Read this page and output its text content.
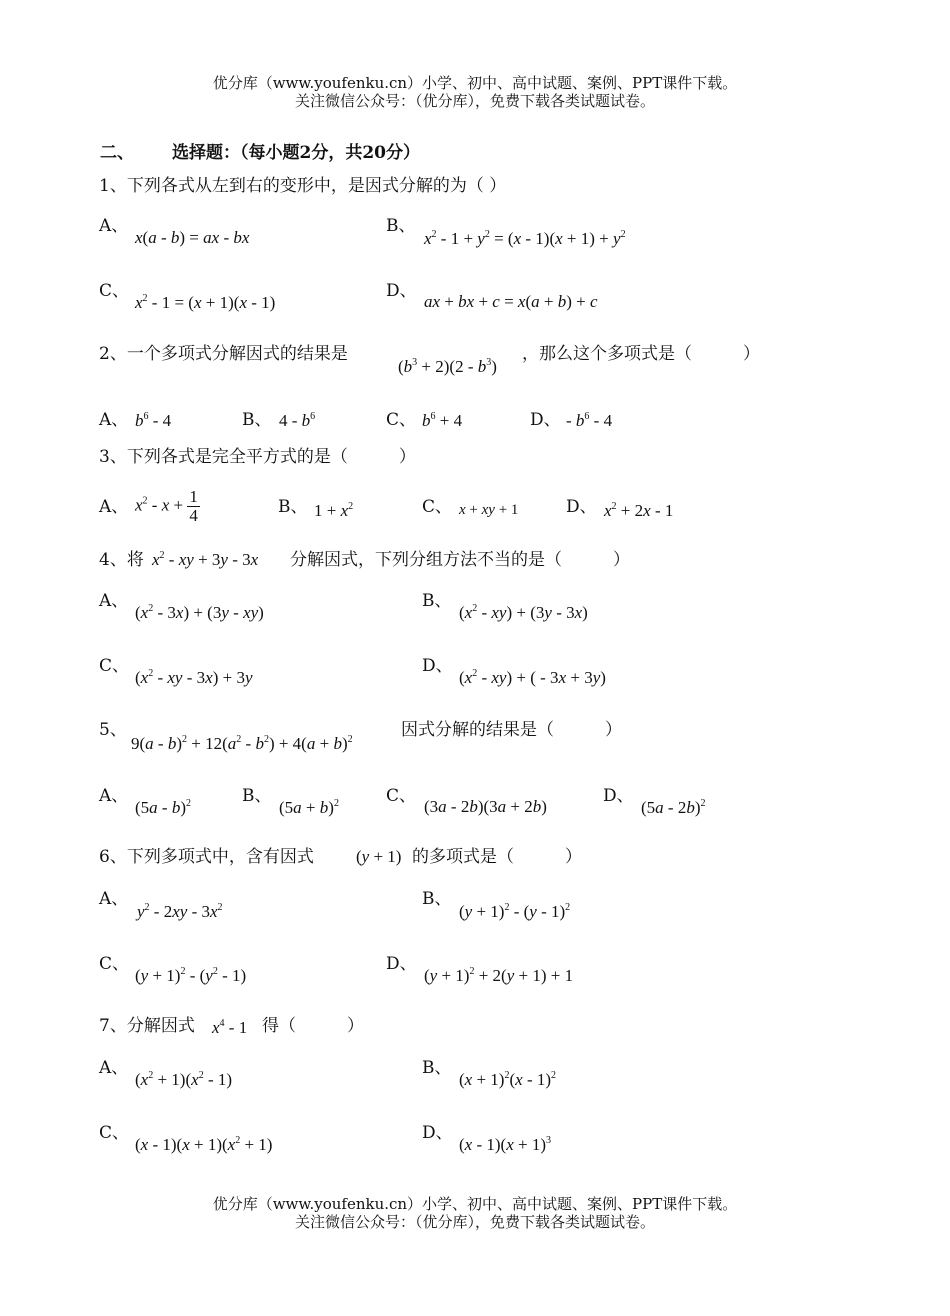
优分库（www.youfenku.cn）小学、初中、高中试题、案例、PPT课件下载。
关注微信公众号：（优分库），免费下载各类试题试卷。
二、 选择题：（每小题2分，共20分）
1、下列各式从左到右的变形中，是因式分解的为（ ）
A、
x(a - b) = ax - bx
B、
$x^2 - 1 + y^2 = (x - 1)(x + 1) + y^2$
C、
$x^2 - 1 = (x + 1)(x - 1)$
D、
ax + bx + c = x(a + b) + c
2、一个多项式分解因式的结果是
$(b^3 + 2)(2 - b^3)$
，那么这个多项式是（　　　）
A、 $b^6 - 4$	B、 $4 - b^6$	C、 $b^6 + 4$	D、 - $b^6 - 4$
3、下列各式是完全平方式的是（　　　）
A、 $x^2 - x + \frac{1}{4}$	B、 $1 + x^2$	C、 x + xy + 1	D、 $x^2 + 2x - 1$
4、将 $x^2$ - xy + 3y - 3x 分解因式，下列分组方法不当的是（　　　）
A、
$(x^2 - 3x) + (3y - xy)$
B、
$(x^2 - xy) + (3y - 3x)$
C、
($x^2$ - xy - 3x) + 3y
D、
$(x^2 - xy)$ + ( - 3x + 3y)
5、
$9(a - b)^2 + 12(a^2 - b^2) + 4(a + b)^2$	因式分解的结果是（　　　）
A、
(5a - b)$^2$	B、
$(5a + b)^2$	C、
(3a - 2b)(3a + 2b)
D、
(5a - 2b)$^2$
6、下列多项式中，含有因式 (y + 1) 的多项式是（　　　）
A、
$y^2 - 2xy - 3x^2$	B、
$(y + 1)^2 - (y - 1)^2$
C、
$(y + 1)^2 - (y^2 - 1)$
D、
$(y + 1)^2 + 2(y + 1) + 1$
7、分解因式 $x^4 - 1$ 得（　　　）
A、
$(x^2 + 1)(x^2 - 1)$
B、
$(x + 1)^2(x - 1)^2$
C、
$(x - 1)(x + 1)(x^2 + 1)$
D、
$(x - 1)(x + 1)^3$
优分库（www.youfenku.cn）小学、初中、高中试题、案例、PPT课件下载。
关注微信公众号：（优分库），免费下载各类试题试卷。
